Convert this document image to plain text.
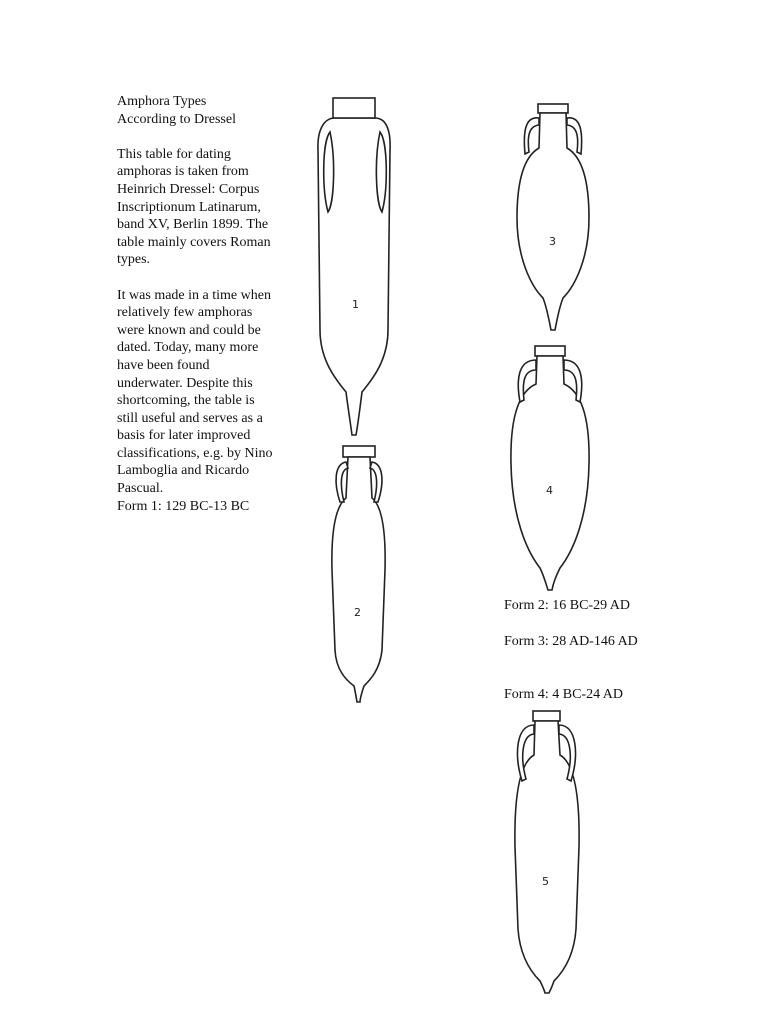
Amphora Types
According to Dressel

This table for dating amphoras is taken from Heinrich Dressel: Corpus Inscriptionum Latinarum, band XV, Berlin 1899. The table mainly covers Roman types.

It was made in a time when relatively few amphoras were known and could be dated. Today, many more have been found underwater. Despite this shortcoming, the table is still useful and serves as a basis for later improved classifications, e.g. by Nino Lamboglia and Ricardo Pascual.

Form 1: 129 BC-13 BC
Form 2: 16 BC-29 AD
Form 3: 28 AD-146 AD
Form 4: 4 BC-24 AD
1
2
3
4
5
